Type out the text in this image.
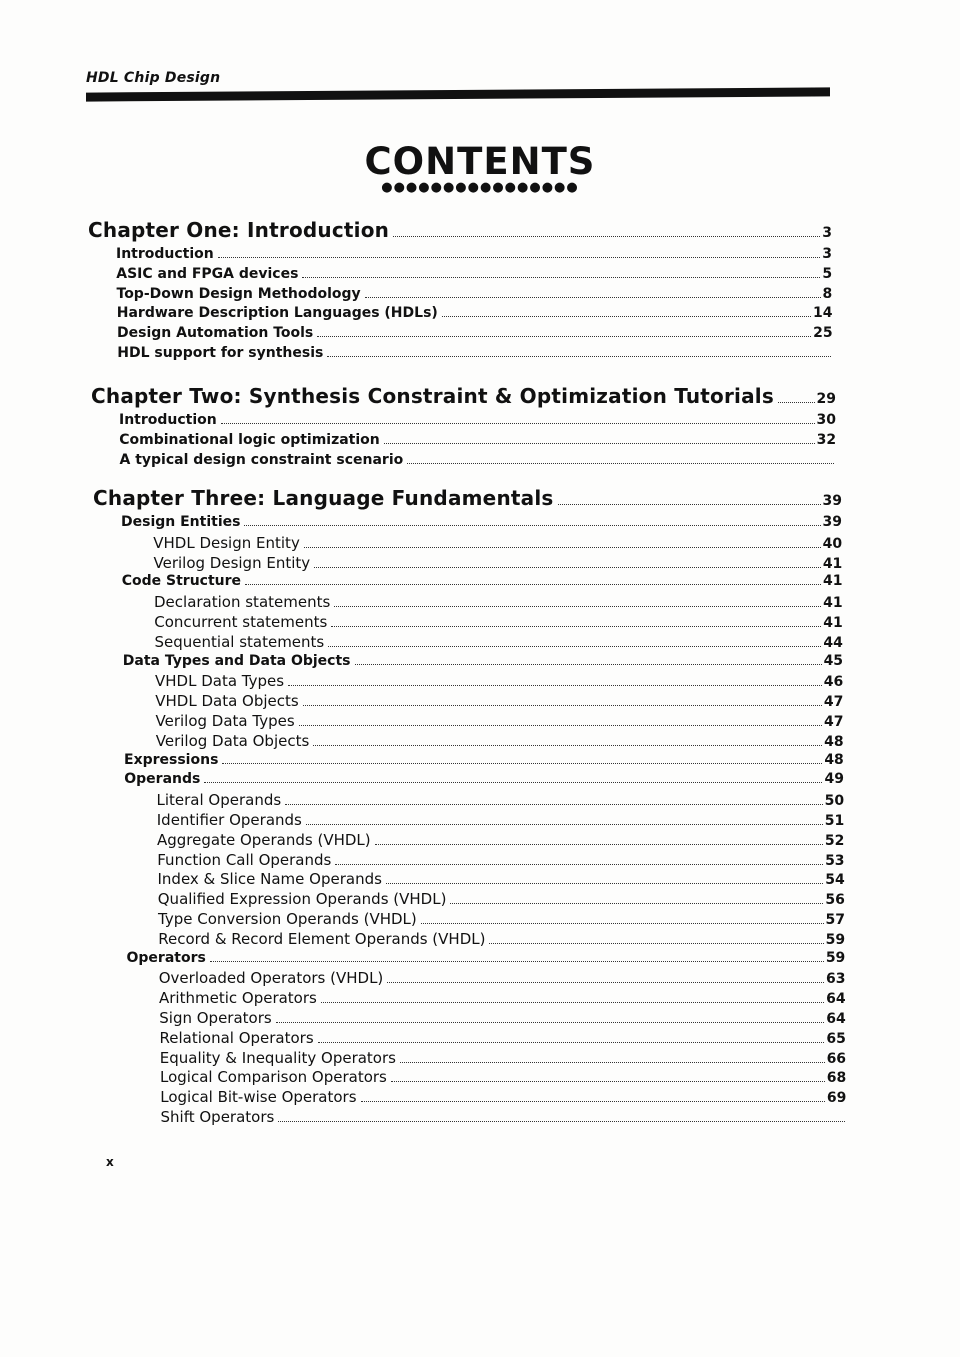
HDL Chip Design
CONTENTS
●●●●●●●●●●●●●●●●
Chapter One: Introduction	3
Introduction	3
ASIC and FPGA devices	5
Top-Down Design Methodology	8
Hardware Description Languages (HDLs)	14
Design Automation Tools	25
HDL support for synthesis
Chapter Two: Synthesis Constraint & Optimization Tutorials	29
Introduction	30
Combinational logic optimization	32
A typical design constraint scenario
Chapter Three: Language Fundamentals	39
Design Entities	39
VHDL Design Entity	40
Verilog Design Entity	41
Code Structure	41
Declaration statements	41
Concurrent statements	41
Sequential statements	44
Data Types and Data Objects	45
VHDL Data Types	46
VHDL Data Objects	47
Verilog Data Types	47
Verilog Data Objects	48
Expressions	48
Operands	49
Literal Operands	50
Identifier Operands	51
Aggregate Operands (VHDL)	52
Function Call Operands	53
Index & Slice Name Operands	54
Qualified Expression Operands (VHDL)	56
Type Conversion Operands (VHDL)	57
Record & Record Element Operands (VHDL)	59
Operators	59
Overloaded Operators (VHDL)	63
Arithmetic Operators	64
Sign Operators	64
Relational Operators	65
Equality & Inequality Operators	66
Logical Comparison Operators	68
Logical Bit-wise Operators	69
Shift Operators
x
